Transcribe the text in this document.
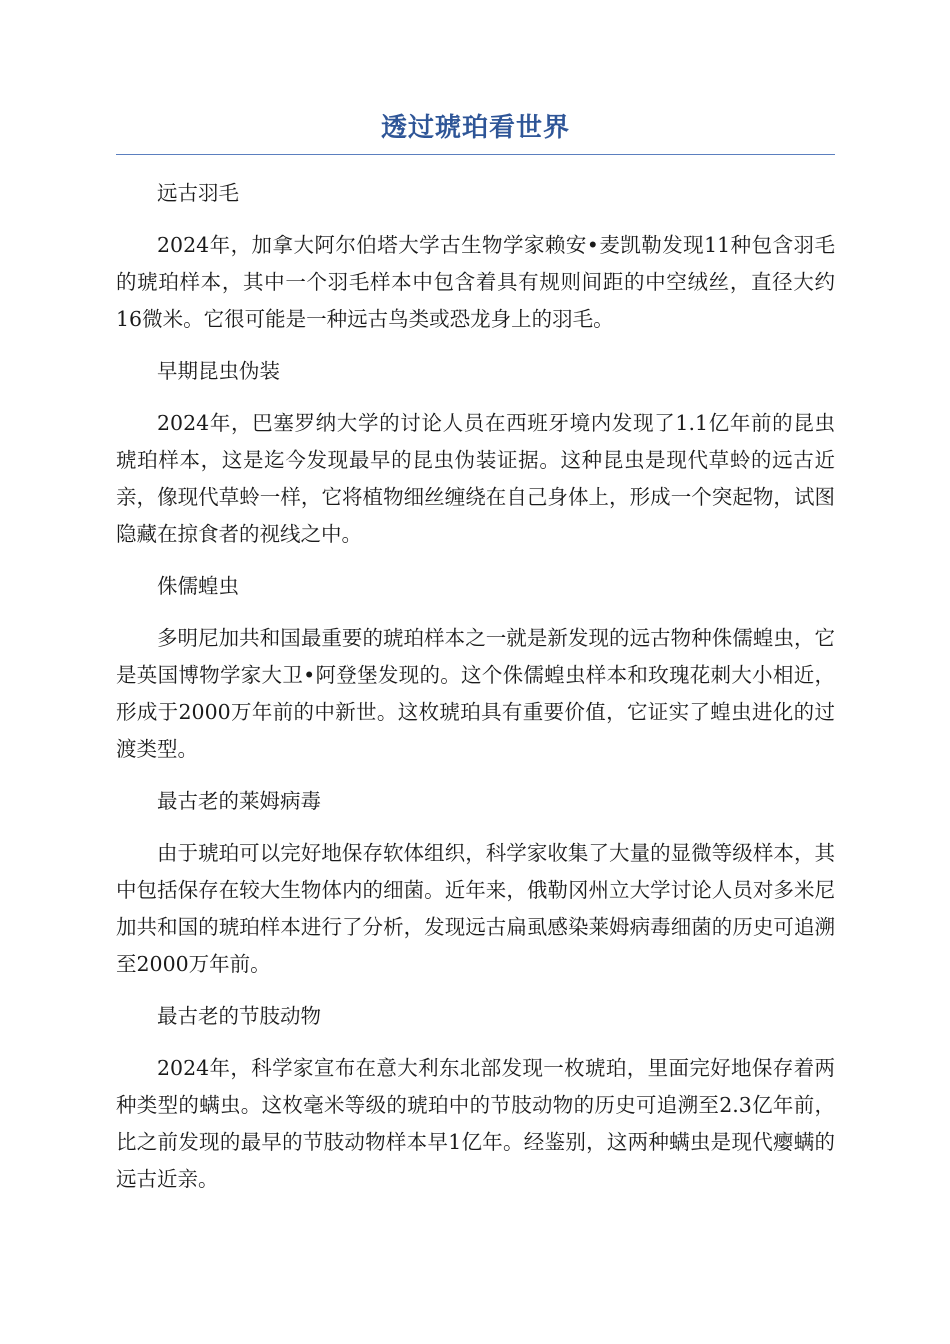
透过琥珀看世界

远古羽毛

2024年，加拿大阿尔伯塔大学古生物学家赖安•麦凯勒发现11种包含羽毛的琥珀样本，其中一个羽毛样本中包含着具有规则间距的中空绒丝，直径大约16微米。它很可能是一种远古鸟类或恐龙身上的羽毛。

早期昆虫伪装

2024年，巴塞罗纳大学的讨论人员在西班牙境内发现了1.1亿年前的昆虫琥珀样本，这是迄今发现最早的昆虫伪装证据。这种昆虫是现代草蛉的远古近亲，像现代草蛉一样，它将植物细丝缠绕在自己身体上，形成一个突起物，试图隐藏在掠食者的视线之中。

侏儒蝗虫

多明尼加共和国最重要的琥珀样本之一就是新发现的远古物种侏儒蝗虫，它是英国博物学家大卫•阿登堡发现的。这个侏儒蝗虫样本和玫瑰花刺大小相近，形成于2000万年前的中新世。这枚琥珀具有重要价值，它证实了蝗虫进化的过渡类型。

最古老的莱姆病毒

由于琥珀可以完好地保存软体组织，科学家收集了大量的显微等级样本，其中包括保存在较大生物体内的细菌。近年来，俄勒冈州立大学讨论人员对多米尼加共和国的琥珀样本进行了分析，发现远古扁虱感染莱姆病毒细菌的历史可追溯至2000万年前。

最古老的节肢动物

2024年，科学家宣布在意大利东北部发现一枚琥珀，里面完好地保存着两种类型的螨虫。这枚毫米等级的琥珀中的节肢动物的历史可追溯至2.3亿年前，比之前发现的最早的节肢动物样本早1亿年。经鉴别，这两种螨虫是现代瘿螨的远古近亲。
